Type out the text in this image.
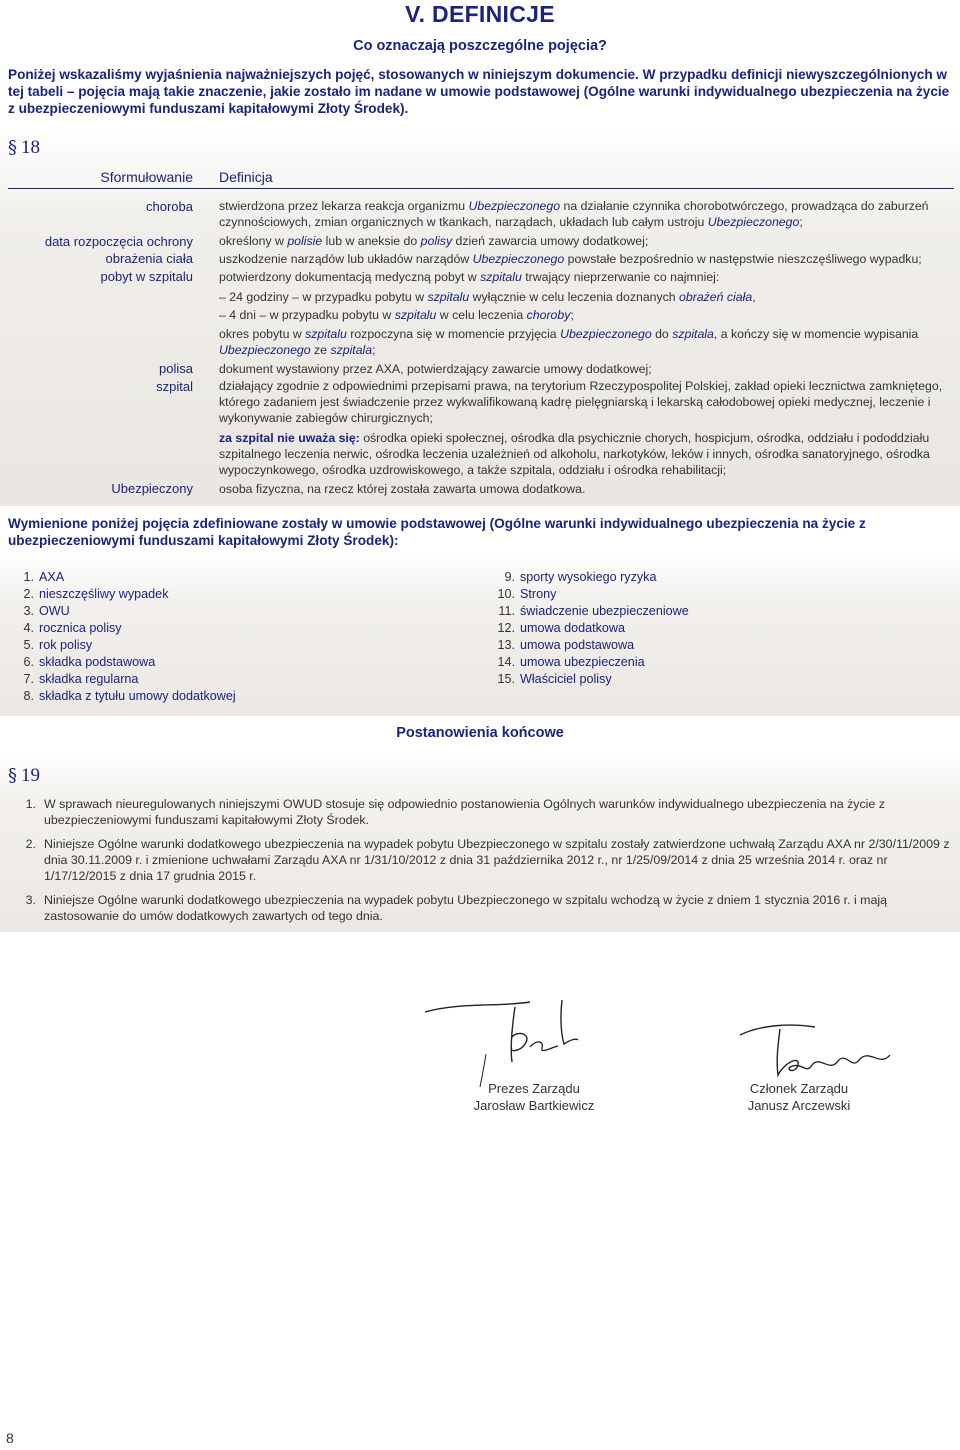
V. DEFINICJE
Co oznaczają poszczególne pojęcia?
Poniżej wskazaliśmy wyjaśnienia najważniejszych pojęć, stosowanych w niniejszym dokumencie. W przypadku definicji niewyszczególnionych w tej tabeli – pojęcia mają takie znaczenie, jakie zostało im nadane w umowie podstawowej (Ogólne warunki indywidualnego ubezpieczenia na życie z ubezpieczeniowymi funduszami kapitałowymi Złoty Środek).
§ 18
Sformułowanie Definicja
choroba stwierdzona przez lekarza reakcja organizmu Ubezpieczonego na działanie czynnika chorobotwórczego, prowadząca do zaburzeń czynnościowych, zmian organicznych w tkankach, narządach, układach lub całym ustroju Ubezpieczonego;
data rozpoczęcia ochrony określony w polisie lub w aneksie do polisy dzień zawarcia umowy dodatkowej;
obrażenia ciała uszkodzenie narządów lub układów narządów Ubezpieczonego powstałe bezpośrednio w następstwie nieszczęśliwego wypadku;
pobyt w szpitalu potwierdzony dokumentacją medyczną pobyt w szpitalu trwający nieprzerwanie co najmniej:
– 24 godziny – w przypadku pobytu w szpitalu wyłącznie w celu leczenia doznanych obrażeń ciała,
– 4 dni – w przypadku pobytu w szpitalu w celu leczenia choroby;
okres pobytu w szpitalu rozpoczyna się w momencie przyjęcia Ubezpieczonego do szpitala, a kończy się w momencie wypisania Ubezpieczonego ze szpitala;
polisa dokument wystawiony przez AXA, potwierdzający zawarcie umowy dodatkowej;
szpital działający zgodnie z odpowiednimi przepisami prawa, na terytorium Rzeczypospolitej Polskiej, zakład opieki lecznictwa zamkniętego, którego zadaniem jest świadczenie przez wykwalifikowaną kadrę pielęgniarską i lekarską całodobowej opieki medycznej, leczenie i wykonywanie zabiegów chirurgicznych;
za szpital nie uważa się: ośrodka opieki społecznej, ośrodka dla psychicznie chorych, hospicjum, ośrodka, oddziału i pododdziału szpitalnego leczenia nerwic, ośrodka leczenia uzależnień od alkoholu, narkotyków, leków i innych, ośrodka sanatoryjnego, ośrodka wypoczynkowego, ośrodka uzdrowiskowego, a także szpitala, oddziału i ośrodka rehabilitacji;
Ubezpieczony osoba fizyczna, na rzecz której została zawarta umowa dodatkowa.
Wymienione poniżej pojęcia zdefiniowane zostały w umowie podstawowej (Ogólne warunki indywidualnego ubezpieczenia na życie z ubezpieczeniowymi funduszami kapitałowymi Złoty Środek):
1. AXA
2. nieszczęśliwy wypadek
3. OWU
4. rocznica polisy
5. rok polisy
6. składka podstawowa
7. składka regularna
8. składka z tytułu umowy dodatkowej
9. sporty wysokiego ryzyka
10. Strony
11. świadczenie ubezpieczeniowe
12. umowa dodatkowa
13. umowa podstawowa
14. umowa ubezpieczenia
15. Właściciel polisy
Postanowienia końcowe
§ 19
1. W sprawach nieuregulowanych niniejszymi OWUD stosuje się odpowiednio postanowienia Ogólnych warunków indywidualnego ubezpieczenia na życie z ubezpieczeniowymi funduszami kapitałowymi Złoty Środek.
2. Niniejsze Ogólne warunki dodatkowego ubezpieczenia na wypadek pobytu Ubezpieczonego w szpitalu zostały zatwierdzone uchwałą Zarządu AXA nr 2/30/11/2009 z dnia 30.11.2009 r. i zmienione uchwałami Zarządu AXA nr 1/31/10/2012 z dnia 31 października 2012 r., nr 1/25/09/2014 z dnia 25 września 2014 r. oraz nr 1/17/12/2015 z dnia 17 grudnia 2015 r.
3. Niniejsze Ogólne warunki dodatkowego ubezpieczenia na wypadek pobytu Ubezpieczonego w szpitalu wchodzą w życie z dniem 1 stycznia 2016 r. i mają zastosowanie do umów dodatkowych zawartych od tego dnia.
Prezes Zarządu
Jarosław Bartkiewicz
Członek Zarządu
Janusz Arczewski
8
